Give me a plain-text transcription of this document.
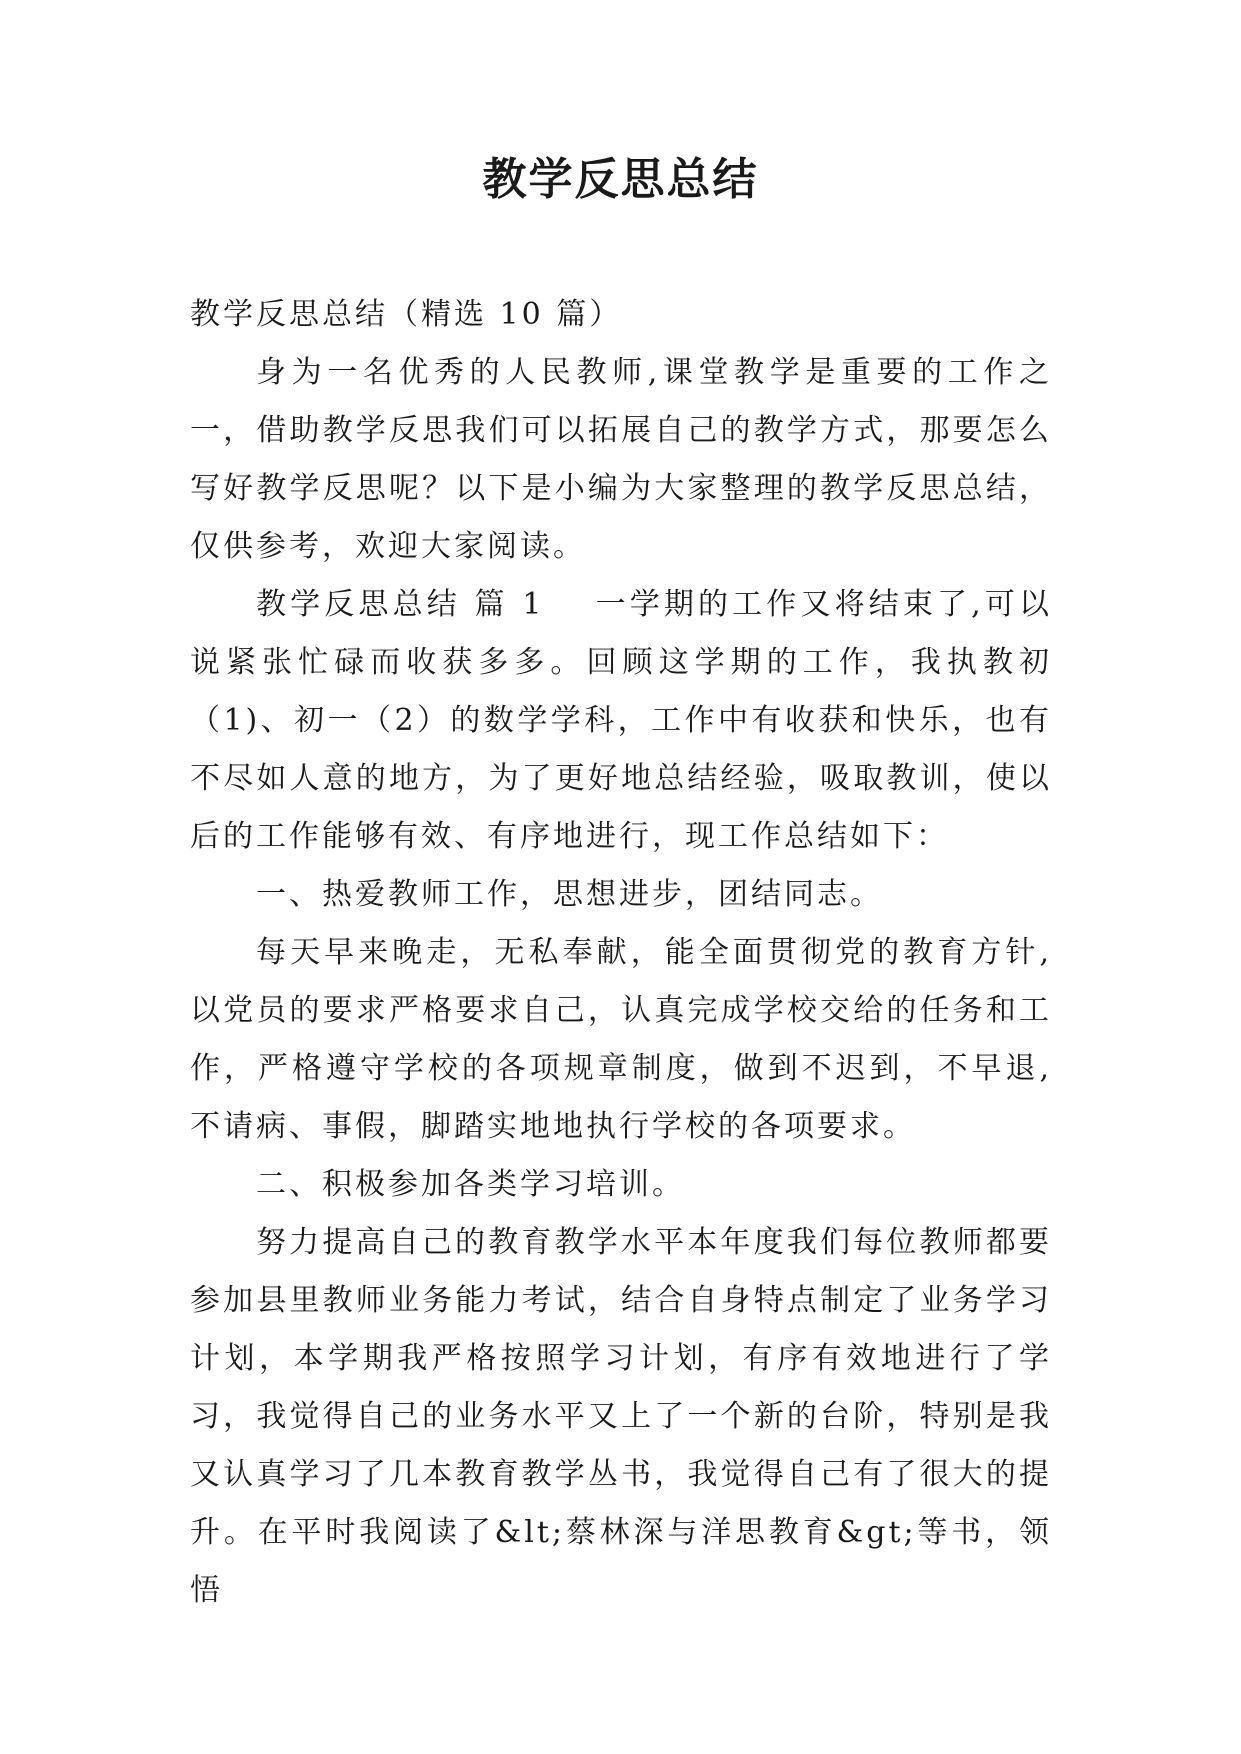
教学反思总结

教学反思总结（精选 10 篇）

身为一名优秀的人民教师,课堂教学是重要的工作之一，借助教学反思我们可以拓展自己的教学方式，那要怎么写好教学反思呢？以下是小编为大家整理的教学反思总结，仅供参考，欢迎大家阅读。

教学反思总结 篇 1 一学期的工作又将结束了,可以说紧张忙碌而收获多多。回顾这学期的工作，我执教初（1)、初一（2）的数学学科，工作中有收获和快乐，也有不尽如人意的地方，为了更好地总结经验，吸取教训，使以后的工作能够有效、有序地进行，现工作总结如下：

一、热爱教师工作，思想进步，团结同志。

每天早来晚走，无私奉献，能全面贯彻党的教育方针,以党员的要求严格要求自己，认真完成学校交给的任务和工作，严格遵守学校的各项规章制度，做到不迟到，不早退,不请病、事假，脚踏实地地执行学校的各项要求。

二、积极参加各类学习培训。

努力提高自己的教育教学水平本年度我们每位教师都要参加县里教师业务能力考试，结合自身特点制定了业务学习计划，本学期我严格按照学习计划，有序有效地进行了学习，我觉得自己的业务水平又上了一个新的台阶，特别是我又认真学习了几本教育教学丛书，我觉得自己有了很大的提升。在平时我阅读了&lt;蔡林深与洋思教育&gt;等书，领悟
